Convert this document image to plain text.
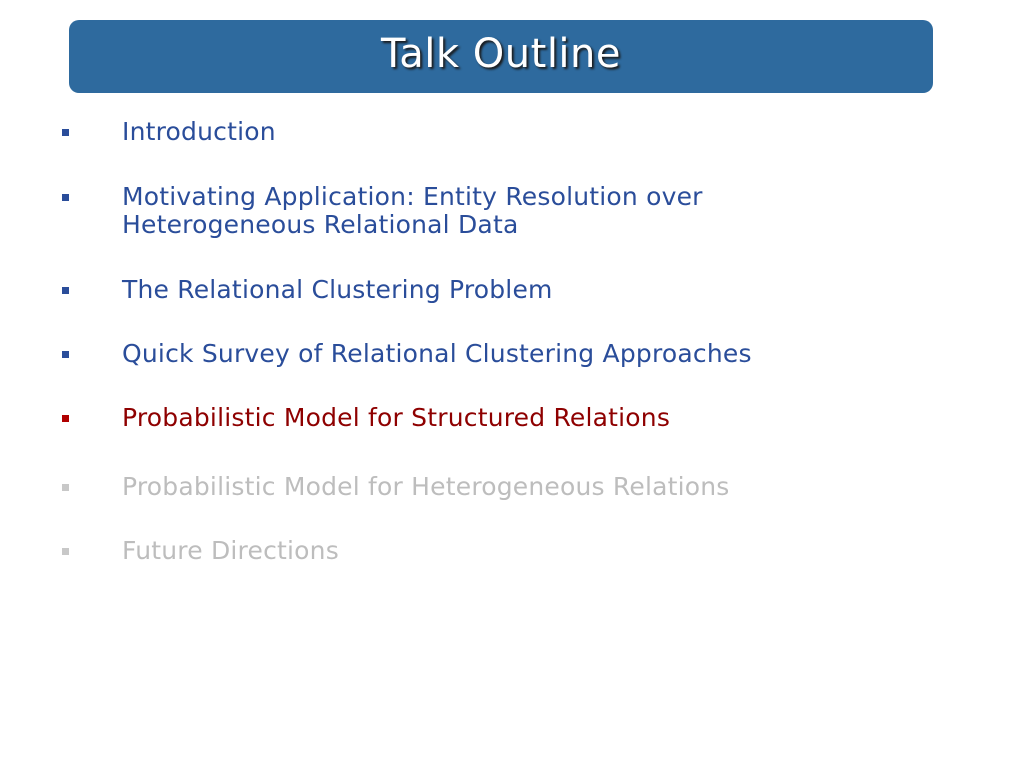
Talk Outline
Introduction
Motivating Application: Entity Resolution over Heterogeneous Relational Data
The Relational Clustering Problem
Quick Survey of Relational Clustering Approaches
Probabilistic Model for Structured Relations
Probabilistic Model for Heterogeneous Relations
Future Directions
